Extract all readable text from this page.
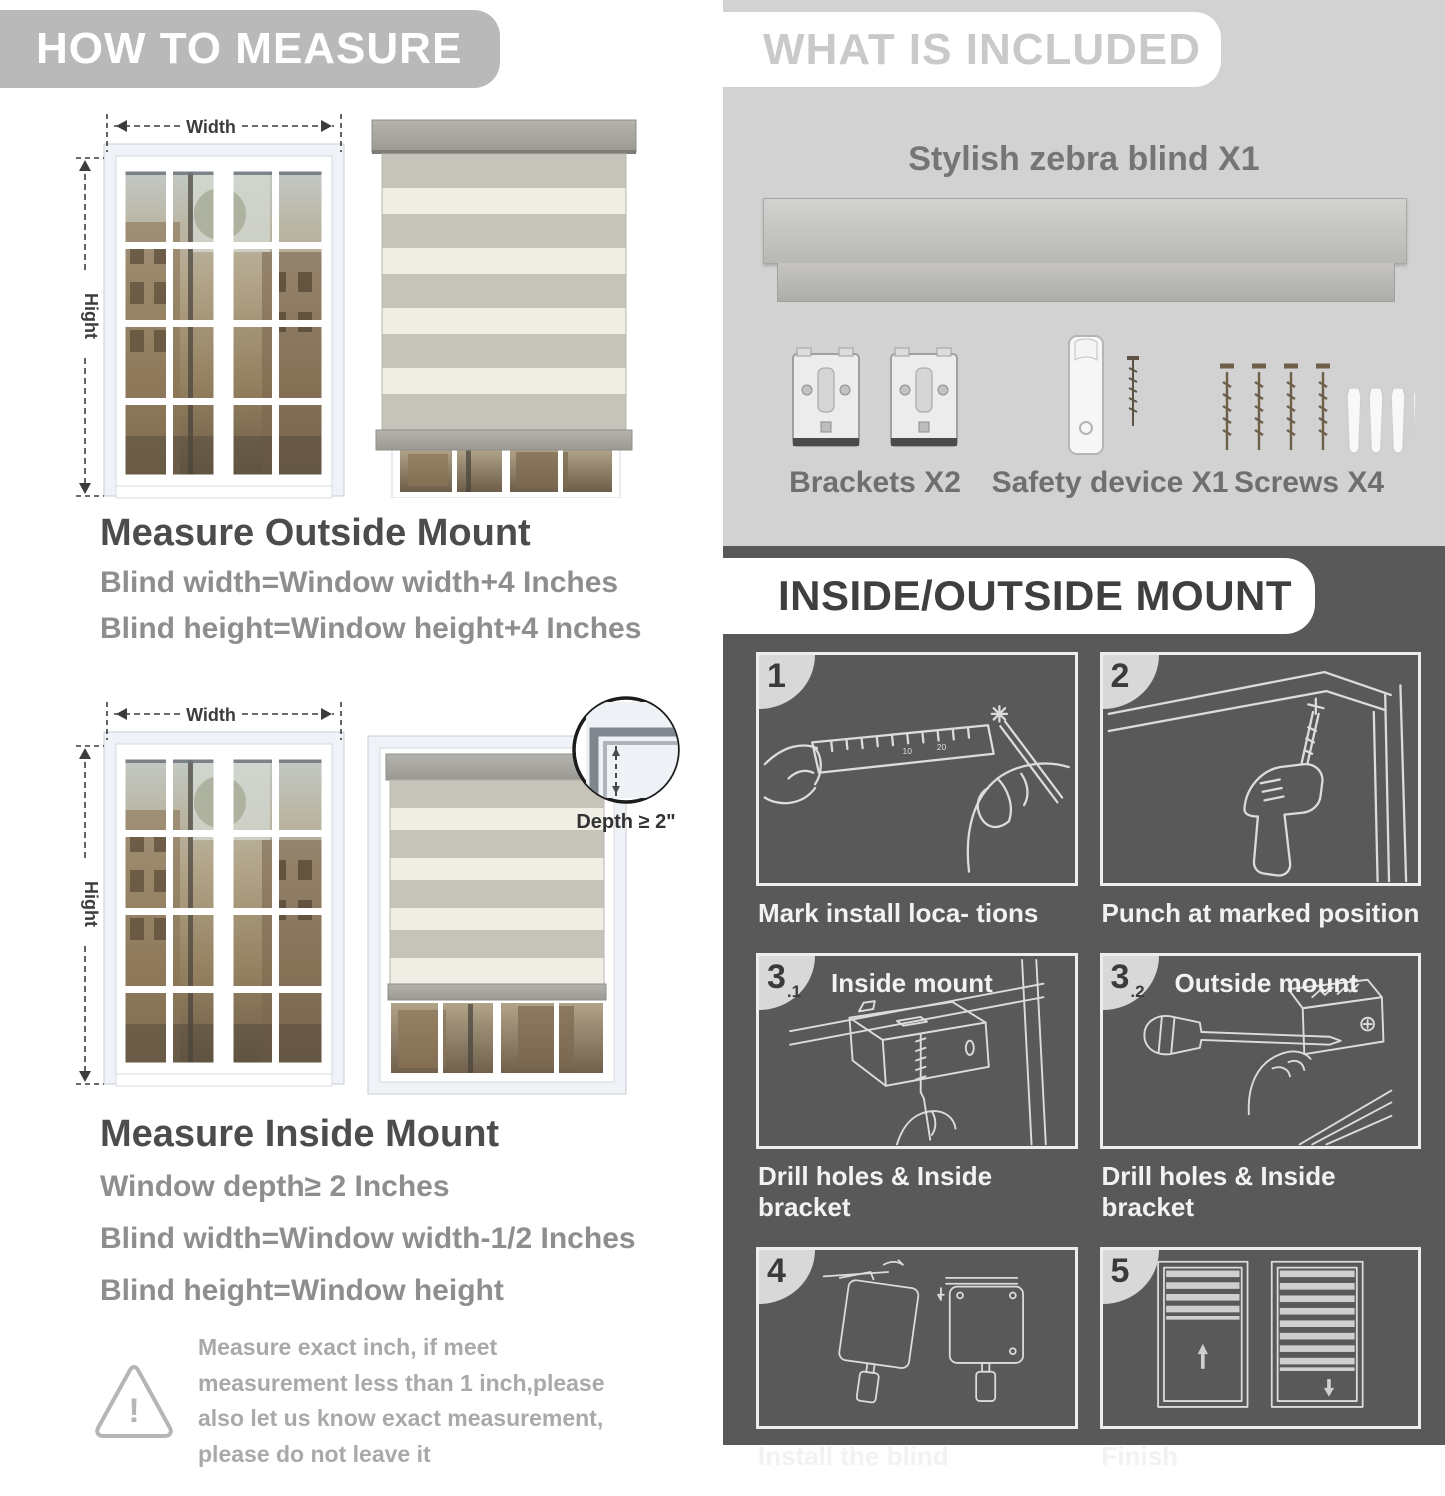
HOW TO MEASURE
Width
Hight
Measure Outside Mount
Blind width=Window width+4 Inches
Blind height=Window height+4 Inches
Width
Hight
Depth ≥ 2"
Measure Inside Mount
Window depth≥ 2 Inches
Blind width=Window width-1/2 Inches
Blind height=Window height
!
Measure exact inch, if meet measurement less than 1 inch,please also let us know exact measurement, please do not leave it
WHAT IS INCLUDED
Stylish zebra blind X1
Brackets X2	Safety device X1 Screws X4
INSIDE/OUTSIDE MOUNT
10	20
1
Mark install loca- tions
2
Punch at marked position
3 .1 Inside mount
Drill holes & Inside bracket
3 .2 Outside mount
Drill holes & Inside bracket
4
Install the blind
5
Finish
